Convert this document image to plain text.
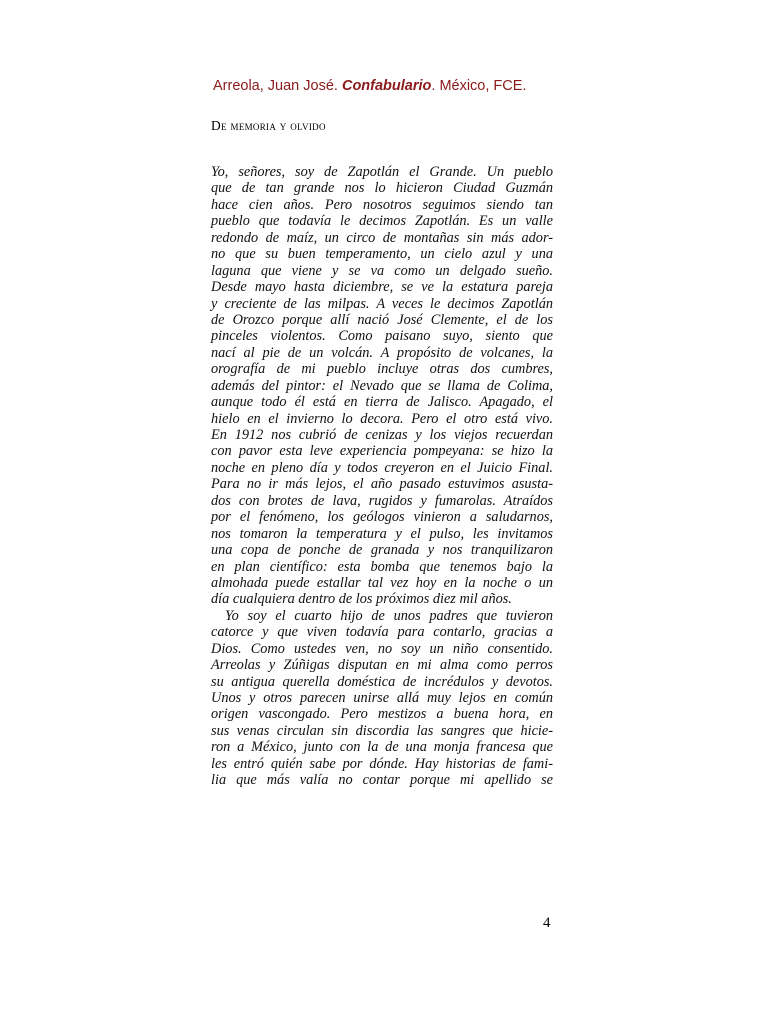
Arreola, Juan José. Confabulario. México, FCE.
De memoria y olvido
Yo, señores, soy de Zapotlán el Grande. Un pueblo
que de tan grande nos lo hicieron Ciudad Guzmán
hace cien años. Pero nosotros seguimos siendo tan
pueblo que todavía le decimos Zapotlán. Es un valle
redondo de maíz, un circo de montañas sin más ador-
no que su buen temperamento, un cielo azul y una
laguna que viene y se va como un delgado sueño.
Desde mayo hasta diciembre, se ve la estatura pareja
y creciente de las milpas. A veces le decimos Zapotlán
de Orozco porque allí nació José Clemente, el de los
pinceles violentos. Como paisano suyo, siento que
nací al pie de un volcán. A propósito de volcanes, la
orografía de mi pueblo incluye otras dos cumbres,
además del pintor: el Nevado que se llama de Colima,
aunque todo él está en tierra de Jalisco. Apagado, el
hielo en el invierno lo decora. Pero el otro está vivo.
En 1912 nos cubrió de cenizas y los viejos recuerdan
con pavor esta leve experiencia pompeyana: se hizo la
noche en pleno día y todos creyeron en el Juicio Final.
Para no ir más lejos, el año pasado estuvimos asusta-
dos con brotes de lava, rugidos y fumarolas. Atraídos
por el fenómeno, los geólogos vinieron a saludarnos,
nos tomaron la temperatura y el pulso, les invitamos
una copa de ponche de granada y nos tranquilizaron
en plan científico: esta bomba que tenemos bajo la
almohada puede estallar tal vez hoy en la noche o un
día cualquiera dentro de los próximos diez mil años.
Yo soy el cuarto hijo de unos padres que tuvieron
catorce y que viven todavía para contarlo, gracias a
Dios. Como ustedes ven, no soy un niño consentido.
Arreolas y Zúñigas disputan en mi alma como perros
su antigua querella doméstica de incrédulos y devotos.
Unos y otros parecen unirse allá muy lejos en común
origen vascongado. Pero mestizos a buena hora, en
sus venas circulan sin discordia las sangres que hicie-
ron a México, junto con la de una monja francesa que
les entró quién sabe por dónde. Hay historias de fami-
lia que más valía no contar porque mi apellido se
4
